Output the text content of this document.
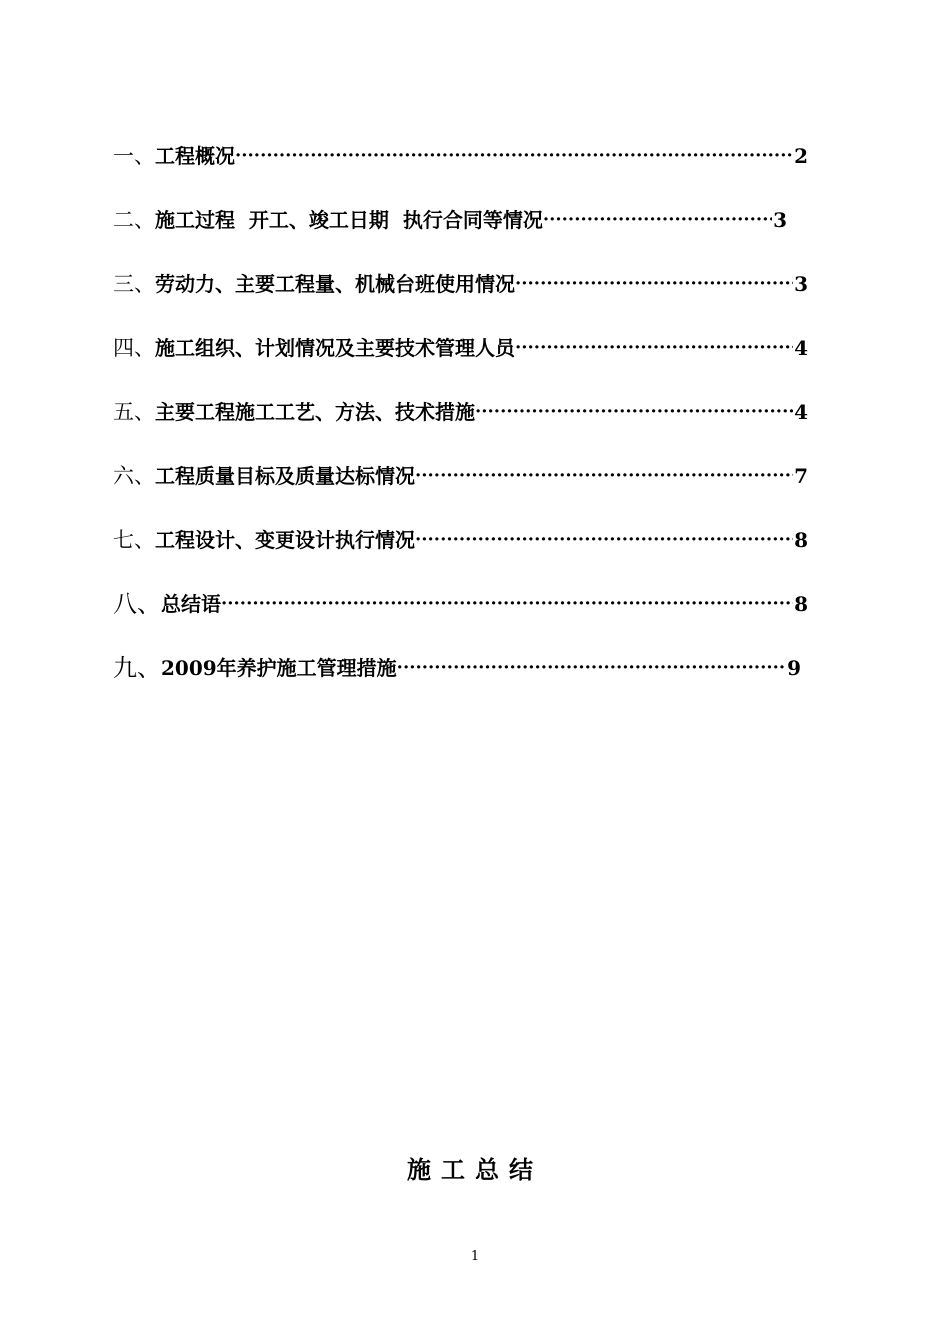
一、 工程概况 ·····	2
二、 施工过程  开工、竣工日期  执行合同等情况 ·····	3
三、 劳动力、主要工程量、机械台班使用情况 ·····	3
四、 施工组织、计划情况及主要技术管理人员 ·····	4
五、 主要工程施工工艺、方法、技术措施 ·····	4
六、 工程质量目标及质量达标情况 ·····	7
七、 工程设计、变更设计执行情况 ·····	8
八、 总结语 ·····	8
九、 2009年养护施工管理措施 ·····	9
施工总结
1
